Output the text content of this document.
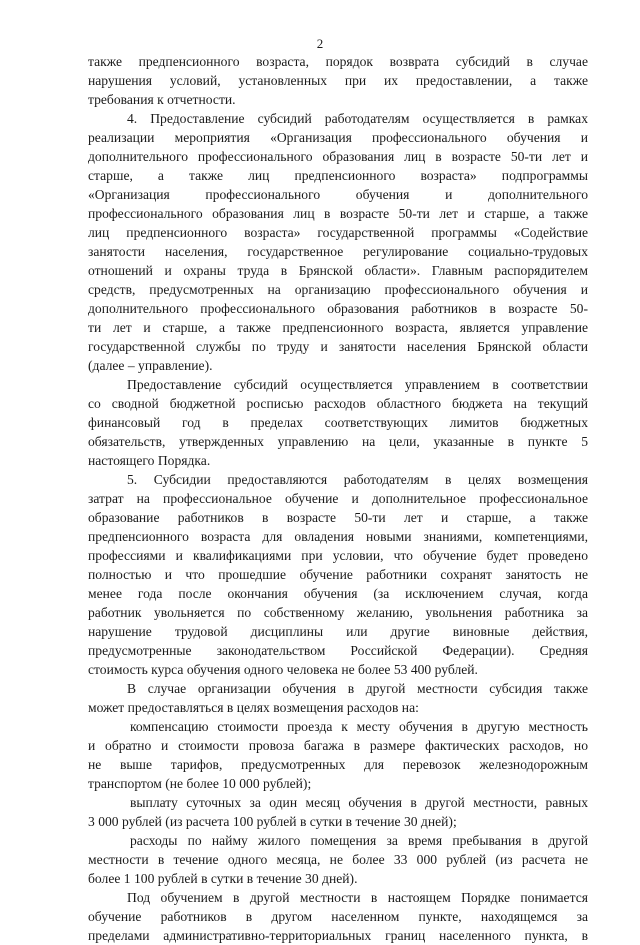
2
также предпенсионного возраста, порядок возврата субсидий в случае
нарушения условий, установленных при их предоставлении, а также
требования к отчетности.
4. Предоставление субсидий работодателям осуществляется в рамках
реализации мероприятия «Организация профессионального обучения и
дополнительного профессионального образования лиц в возрасте 50-ти лет и
старше, а также лиц предпенсионного возраста» подпрограммы
«Организация профессионального обучения и дополнительного
профессионального образования лиц в возрасте 50-ти лет и старше, а также
лиц предпенсионного возраста» государственной программы «Содействие
занятости населения, государственное регулирование социально-трудовых
отношений и охраны труда в Брянской области». Главным распорядителем
средств, предусмотренных на организацию профессионального обучения и
дополнительного профессионального образования работников в возрасте 50-
ти лет и старше, а также предпенсионного возраста, является управление
государственной службы по труду и занятости населения Брянской области
(далее – управление).
Предоставление субсидий осуществляется управлением в соответствии
со сводной бюджетной росписью расходов областного бюджета на текущий
финансовый год в пределах соответствующих лимитов бюджетных
обязательств, утвержденных управлению на цели, указанные в пункте 5
настоящего Порядка.
5. Субсидии предоставляются работодателям в целях возмещения
затрат на профессиональное обучение и дополнительное профессиональное
образование работников в возрасте 50-ти лет и старше, а также
предпенсионного возраста для овладения новыми знаниями, компетенциями,
профессиями и квалификациями при условии, что обучение будет проведено
полностью и что прошедшие обучение работники сохранят занятость не
менее года после окончания обучения (за исключением случая, когда
работник увольняется по собственному желанию, увольнения работника за
нарушение трудовой дисциплины или другие виновные действия,
предусмотренные законодательством Российской Федерации). Средняя
стоимость курса обучения одного человека не более 53 400 рублей.
В случае организации обучения в другой местности субсидия также
может предоставляться в целях возмещения расходов на:
компенсацию стоимости проезда к месту обучения в другую местность
и обратно и стоимости провоза багажа в размере фактических расходов, но
не выше тарифов, предусмотренных для перевозок железнодорожным
транспортом (не более 10 000 рублей);
выплату суточных за один месяц обучения в другой местности, равных
3 000 рублей (из расчета 100 рублей в сутки в течение 30 дней);
расходы по найму жилого помещения за время пребывания в другой
местности в течение одного месяца, не более 33 000 рублей (из расчета не
более 1 100 рублей в сутки в течение 30 дней).
Под обучением в другой местности в настоящем Порядке понимается
обучение работников в другом населенном пункте, находящемся за
пределами административно-территориальных границ населенного пункта, в
